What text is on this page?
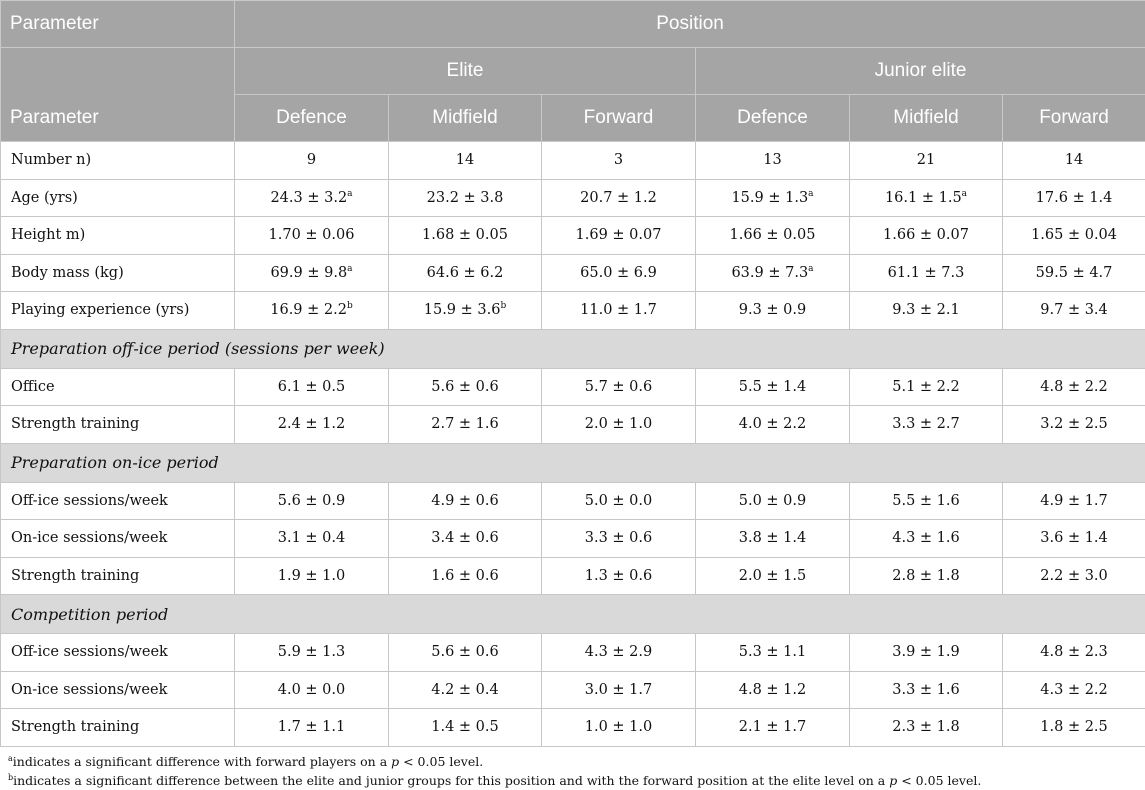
Parameter	Position					
Parameter	Elite			Junior elite		
	Defence	Midfield	Forward	Defence	Midfield	Forward
Number n)	9	14	3	13	21	14
Age (yrs)	24.3 ± 3.2$^a$	23.2 ± 3.8	20.7 ± 1.2	15.9 ± 1.3$^a$	16.1 ± 1.5$^a$	17.6 ± 1.4
Height m)	1.70 ± 0.06	1.68 ± 0.05	1.69 ± 0.07	1.66 ± 0.05	1.66 ± 0.07	1.65 ± 0.04
Body mass (kg)	69.9 ± 9.8$^a$	64.6 ± 6.2	65.0 ± 6.9	63.9 ± 7.3$^a$	61.1 ± 7.3	59.5 ± 4.7
Playing experience (yrs)	16.9 ± 2.2$^b$	15.9 ± 3.6$^b$	11.0 ± 1.7	9.3 ± 0.9	9.3 ± 2.1	9.7 ± 3.4
Preparation off-ice period (sessions per week)						
Office	6.1 ± 0.5	5.6 ± 0.6	5.7 ± 0.6	5.5 ± 1.4	5.1 ± 2.2	4.8 ± 2.2
Strength training	2.4 ± 1.2	2.7 ± 1.6	2.0 ± 1.0	4.0 ± 2.2	3.3 ± 2.7	3.2 ± 2.5
Preparation on-ice period						
Off-ice sessions/week	5.6 ± 0.9	4.9 ± 0.6	5.0 ± 0.0	5.0 ± 0.9	5.5 ± 1.6	4.9 ± 1.7
On-ice sessions/week	3.1 ± 0.4	3.4 ± 0.6	3.3 ± 0.6	3.8 ± 1.4	4.3 ± 1.6	3.6 ± 1.4
Strength training	1.9 ± 1.0	1.6 ± 0.6	1.3 ± 0.6	2.0 ± 1.5	2.8 ± 1.8	2.2 ± 3.0
Competition period						
Off-ice sessions/week	5.9 ± 1.3	5.6 ± 0.6	4.3 ± 2.9	5.3 ± 1.1	3.9 ± 1.9	4.8 ± 2.3
On-ice sessions/week	4.0 ± 0.0	4.2 ± 0.4	3.0 ± 1.7	4.8 ± 1.2	3.3 ± 1.6	4.3 ± 2.2
Strength training	1.7 ± 1.1	1.4 ± 0.5	1.0 ± 1.0	2.1 ± 1.7	2.3 ± 1.8	1.8 ± 2.5
$^a$indicates a significant difference with forward players on a p < 0.05 level.
$^b$indicates a significant difference between the elite and junior groups for this position and with the forward position at the elite level on a p < 0.05 level.
